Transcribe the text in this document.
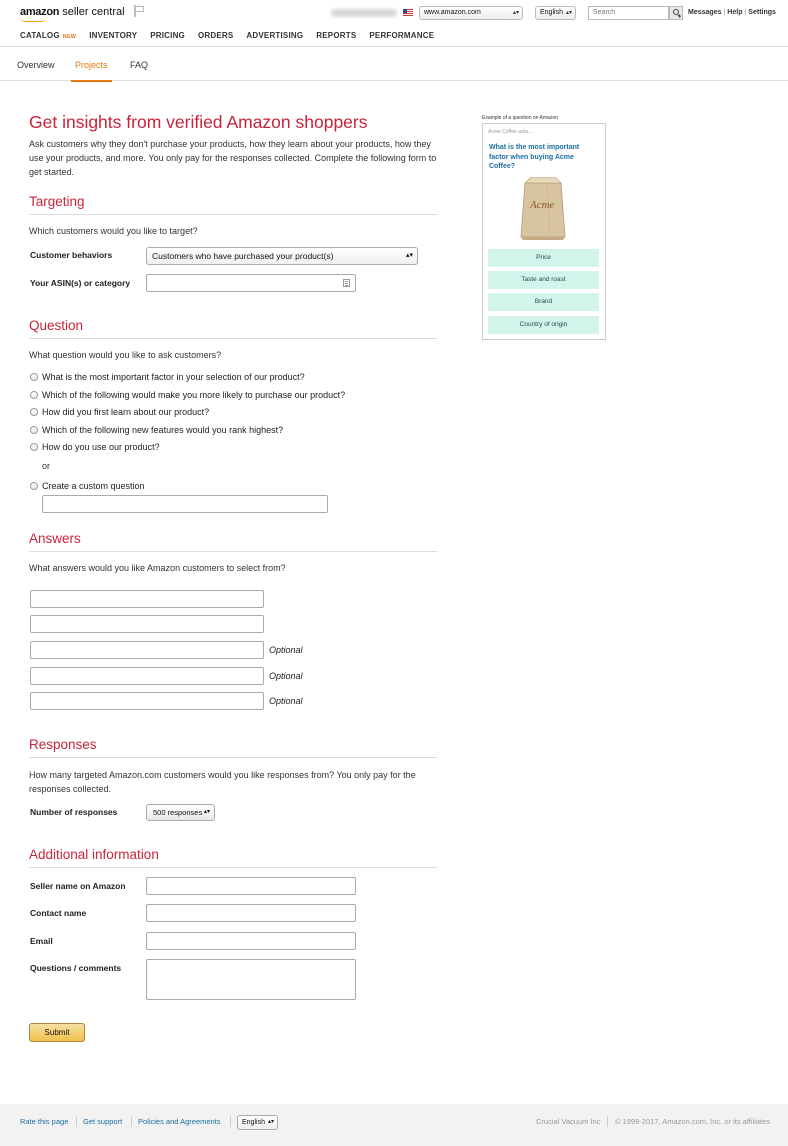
amazon seller central	www.amazon.com	▴▾	English ▴▾	Search	Messages | Help | Settings
CATALOG NEW INVENTORY PRICING ORDERS ADVERTISING REPORTS PERFORMANCE
Overview Projects FAQ
Get insights from verified Amazon shoppers

Ask customers why they don't purchase your products, how they learn about your products, how they use your products, and more. You only pay for the responses collected. Complete the following form to get started.

Targeting
Which customers would you like to target?
Customer behaviors	Customers who have purchased your product(s)	▴▾
Your ASIN(s) or category
Question
What question would you like to ask customers?
What is the most important factor in your selection of our product?
Which of the following would make you more likely to purchase our product?
How did you first learn about our product?
Which of the following new features would you rank highest?
How do you use our product?
or
Create a custom question
Answers
What answers would you like Amazon customers to select from?
Optional
Optional
Optional
Responses
How many targeted Amazon.com customers would you like responses from? You only pay for the responses collected.
Number of responses	500 responses ▴▾
Additional information
Seller name on Amazon
Contact name
Email
Questions / comments
Submit
Example of a question on Amazon
Acme Coffee asks...
What is the most important factor when buying Acme Coffee?
Acme
Price
Taste and roast
Brand
Country of origin
Rate this page Get support Policies and Agreements	English ▴▾	Crucial Vacuum Inc © 1999-2017, Amazon.com, Inc. or its affiliates
